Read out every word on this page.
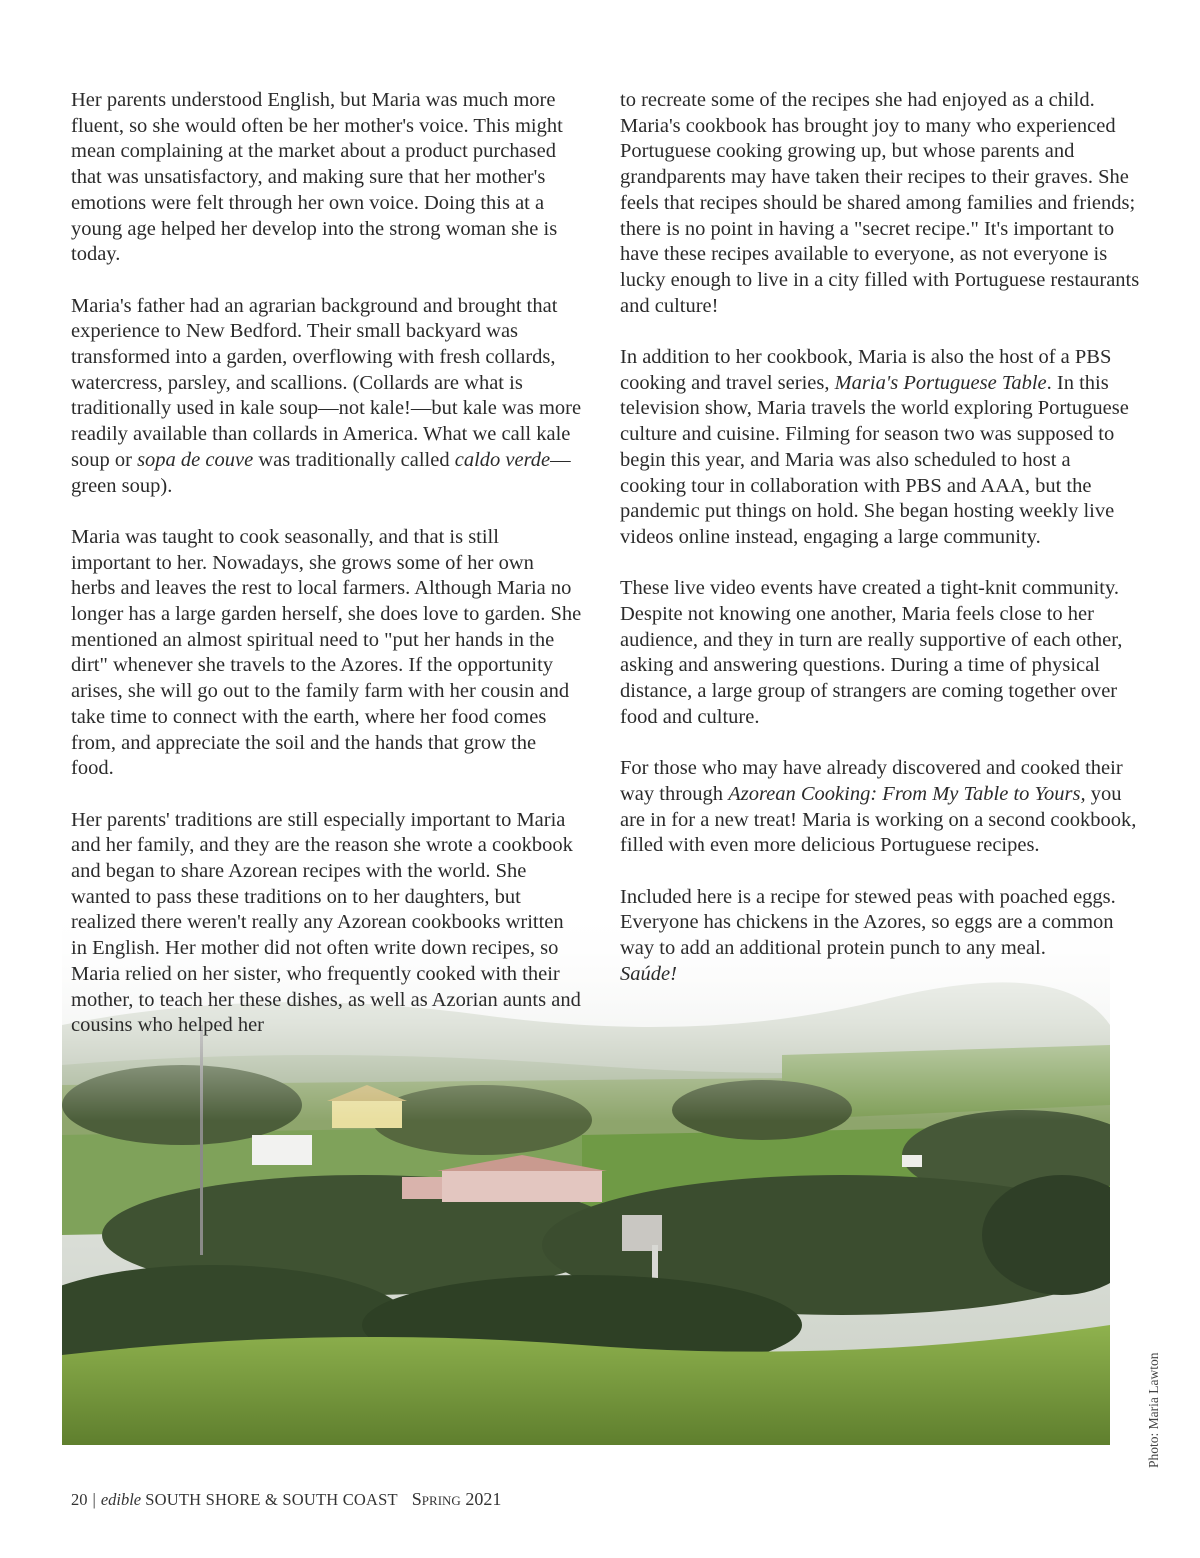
Her parents understood English, but Maria was much more fluent, so she would often be her mother's voice. This might mean complaining at the market about a product purchased that was unsatisfactory, and making sure that her mother's emotions were felt through her own voice. Doing this at a young age helped her develop into the strong woman she is today.

Maria's father had an agrarian background and brought that experience to New Bedford. Their small backyard was transformed into a garden, overflowing with fresh collards, watercress, parsley, and scallions. (Collards are what is traditionally used in kale soup—not kale!—but kale was more readily available than collards in America. What we call kale soup or sopa de couve was traditionally called caldo verde—green soup).

Maria was taught to cook seasonally, and that is still important to her. Nowadays, she grows some of her own herbs and leaves the rest to local farmers. Although Maria no longer has a large garden herself, she does love to garden. She mentioned an almost spiritual need to "put her hands in the dirt" whenever she travels to the Azores. If the opportunity arises, she will go out to the family farm with her cousin and take time to connect with the earth, where her food comes from, and appreciate the soil and the hands that grow the food.

Her parents' traditions are still especially important to Maria and her family, and they are the reason she wrote a cookbook and began to share Azorean recipes with the world. She wanted to pass these traditions on to her daughters, but realized there weren't really any Azorean cookbooks written in English. Her mother did not often write down recipes, so Maria relied on her sister, who frequently cooked with their mother, to teach her these dishes, as well as Azorian aunts and cousins who helped her

to recreate some of the recipes she had enjoyed as a child. Maria's cookbook has brought joy to many who experienced Portuguese cooking growing up, but whose parents and grandparents may have taken their recipes to their graves. She feels that recipes should be shared among families and friends; there is no point in having a "secret recipe." It's important to have these recipes available to everyone, as not everyone is lucky enough to live in a city filled with Portuguese restaurants and culture!

In addition to her cookbook, Maria is also the host of a PBS cooking and travel series, Maria's Portuguese Table. In this television show, Maria travels the world exploring Portuguese culture and cuisine. Filming for season two was supposed to begin this year, and Maria was also scheduled to host a cooking tour in collaboration with PBS and AAA, but the pandemic put things on hold. She began hosting weekly live videos online instead, engaging a large community.

These live video events have created a tight-knit community. Despite not knowing one another, Maria feels close to her audience, and they in turn are really supportive of each other, asking and answering questions. During a time of physical distance, a large group of strangers are coming together over food and culture.

For those who may have already discovered and cooked their way through Azorean Cooking: From My Table to Yours, you are in for a new treat! Maria is working on a second cookbook, filled with even more delicious Portuguese recipes.

Included here is a recipe for stewed peas with poached eggs. Everyone has chickens in the Azores, so eggs are a common way to add an additional protein punch to any meal.
Saúde!

Photo: Maria Lawton
20 | edible SOUTH SHORE & SOUTH COAST Spring 2021
